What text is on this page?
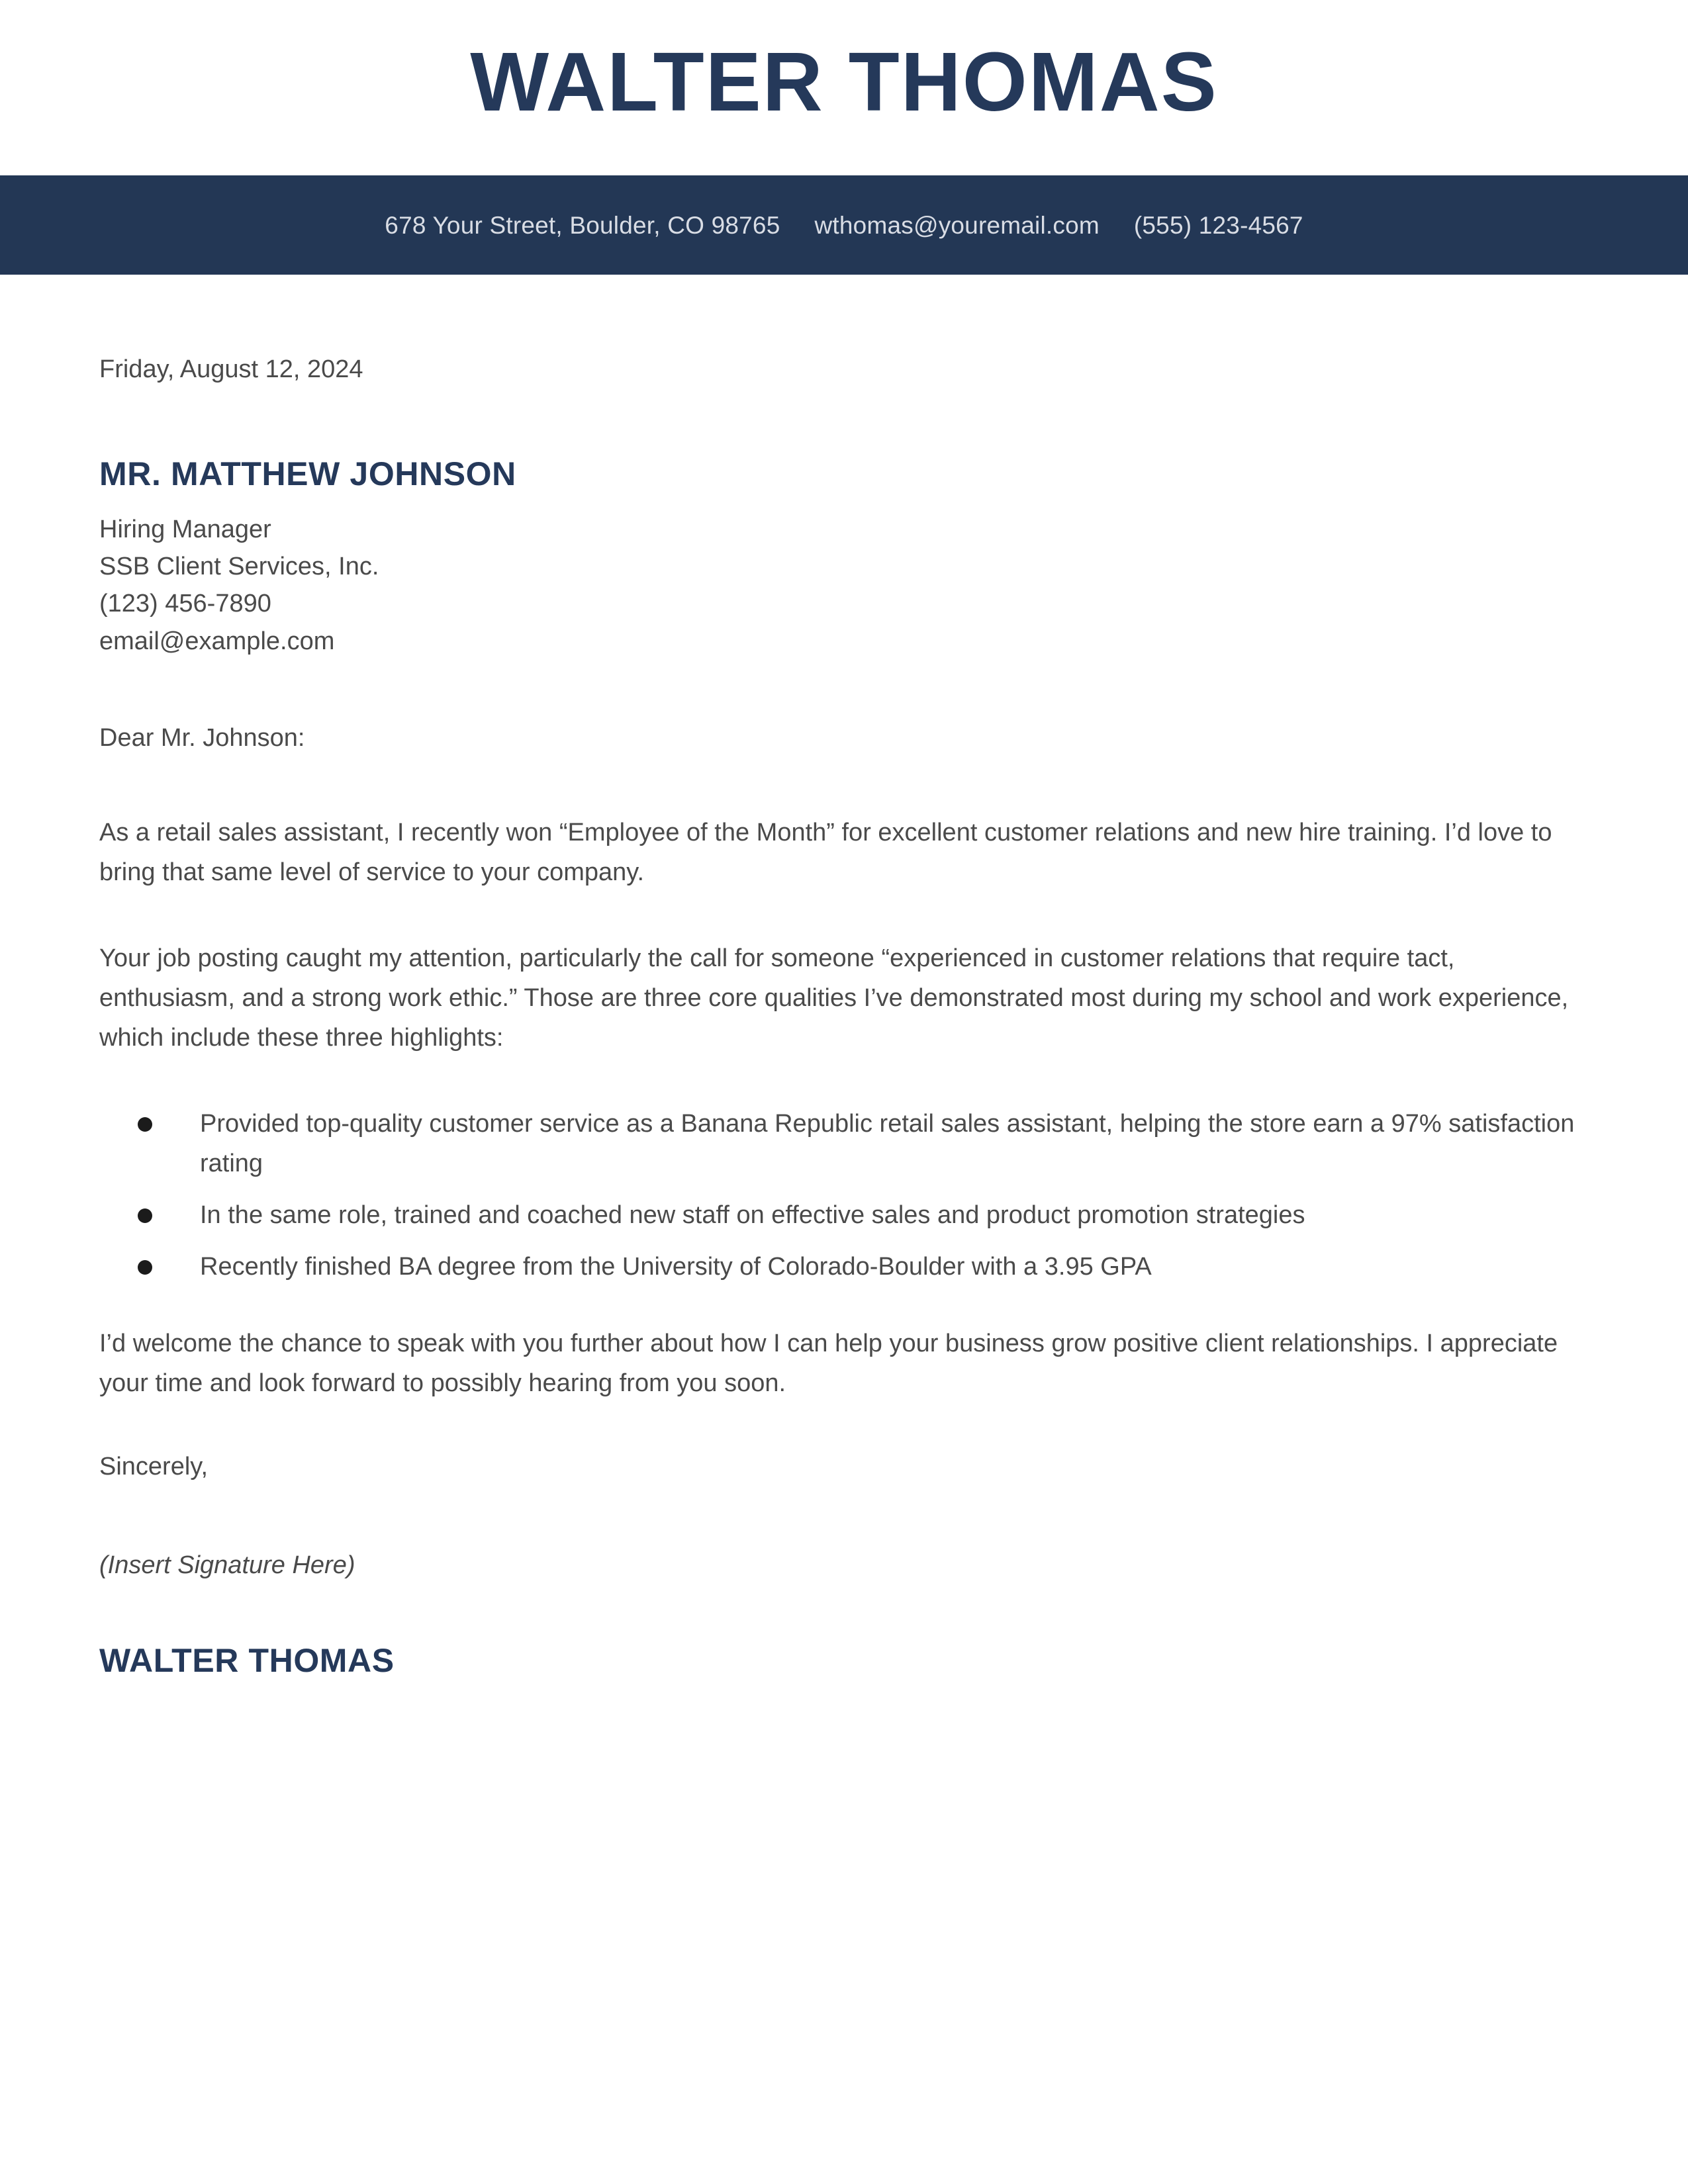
WALTER THOMAS
678 Your Street, Boulder, CO 98765 wthomas@youremail.com (555) 123-4567
Friday, August 12, 2024
MR. MATTHEW JOHNSON
Hiring Manager
SSB Client Services, Inc.
(123) 456-7890
email@example.com
Dear Mr. Johnson:

As a retail sales assistant, I recently won “Employee of the Month” for excellent customer relations and new hire training. I’d love to bring that same level of service to your company.

Your job posting caught my attention, particularly the call for someone “experienced in customer relations that require tact, enthusiasm, and a strong work ethic.” Those are three core qualities I’ve demonstrated most during my school and work experience, which include these three highlights:

Provided top-quality customer service as a Banana Republic retail sales assistant, helping the store earn a 97% satisfaction rating
In the same role, trained and coached new staff on effective sales and product promotion strategies
Recently finished BA degree from the University of Colorado-Boulder with a 3.95 GPA

I’d welcome the chance to speak with you further about how I can help your business grow positive client relationships. I appreciate your time and look forward to possibly hearing from you soon.

Sincerely,
(Insert Signature Here)
WALTER THOMAS
